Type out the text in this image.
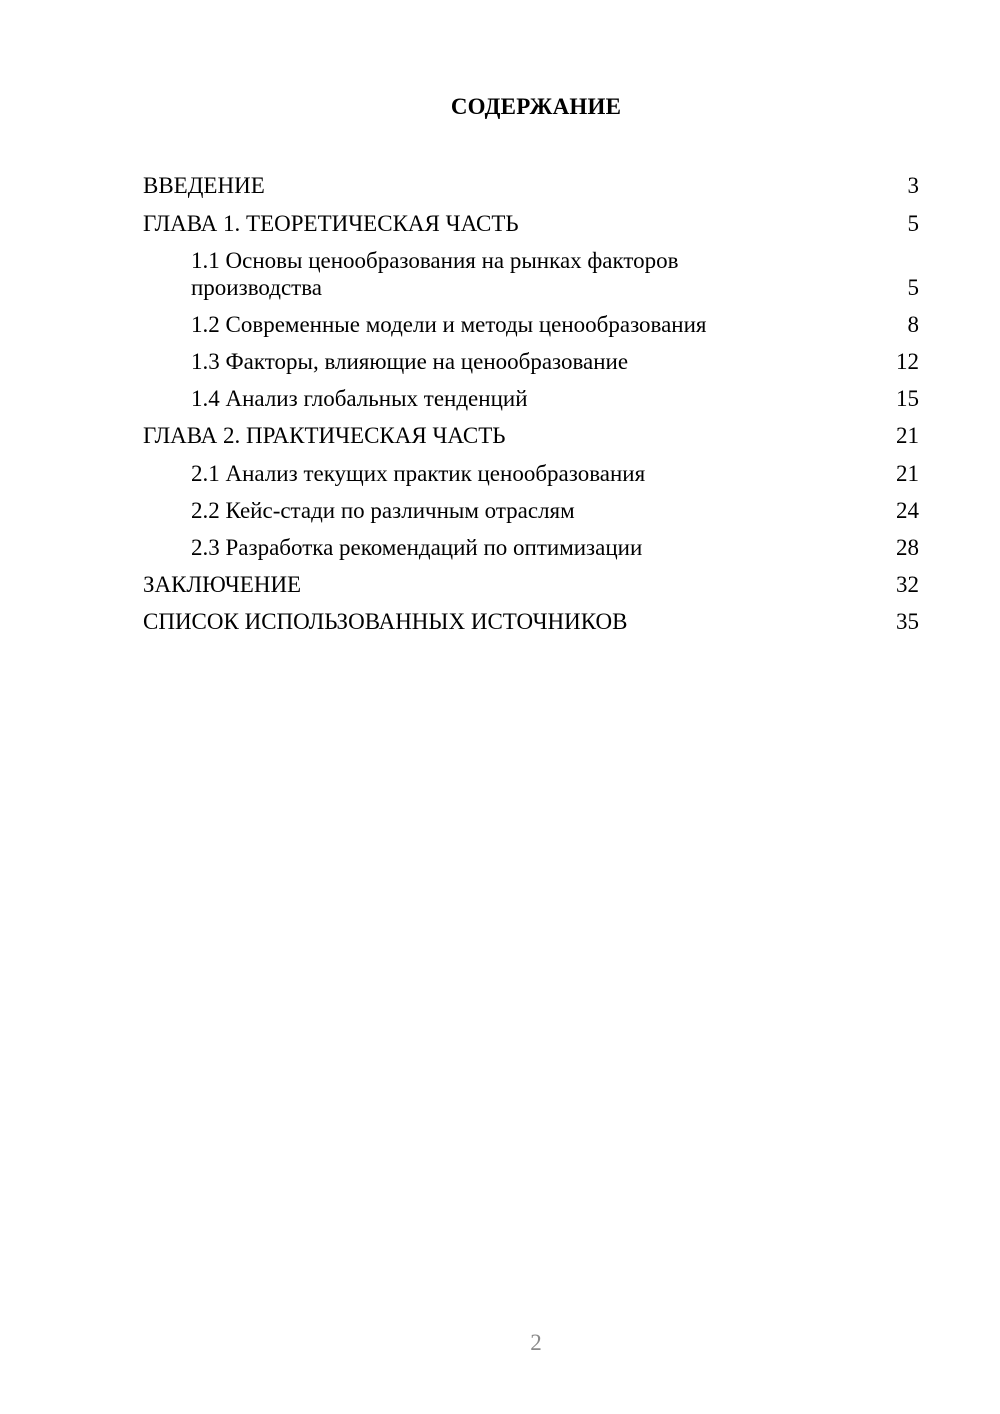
СОДЕРЖАНИЕ
ВВЕДЕНИЕ	3
ГЛАВА 1. ТЕОРЕТИЧЕСКАЯ ЧАСТЬ	5
1.1 Основы ценообразования на рынках факторов производства	5
1.2 Современные модели и методы ценообразования	8
1.3 Факторы, влияющие на ценообразование	12
1.4 Анализ глобальных тенденций	15
ГЛАВА 2. ПРАКТИЧЕСКАЯ ЧАСТЬ	21
2.1 Анализ текущих практик ценообразования	21
2.2 Кейс-стади по различным отраслям	24
2.3 Разработка рекомендаций по оптимизации	28
ЗАКЛЮЧЕНИЕ	32
СПИСОК ИСПОЛЬЗОВАННЫХ ИСТОЧНИКОВ	35
2
